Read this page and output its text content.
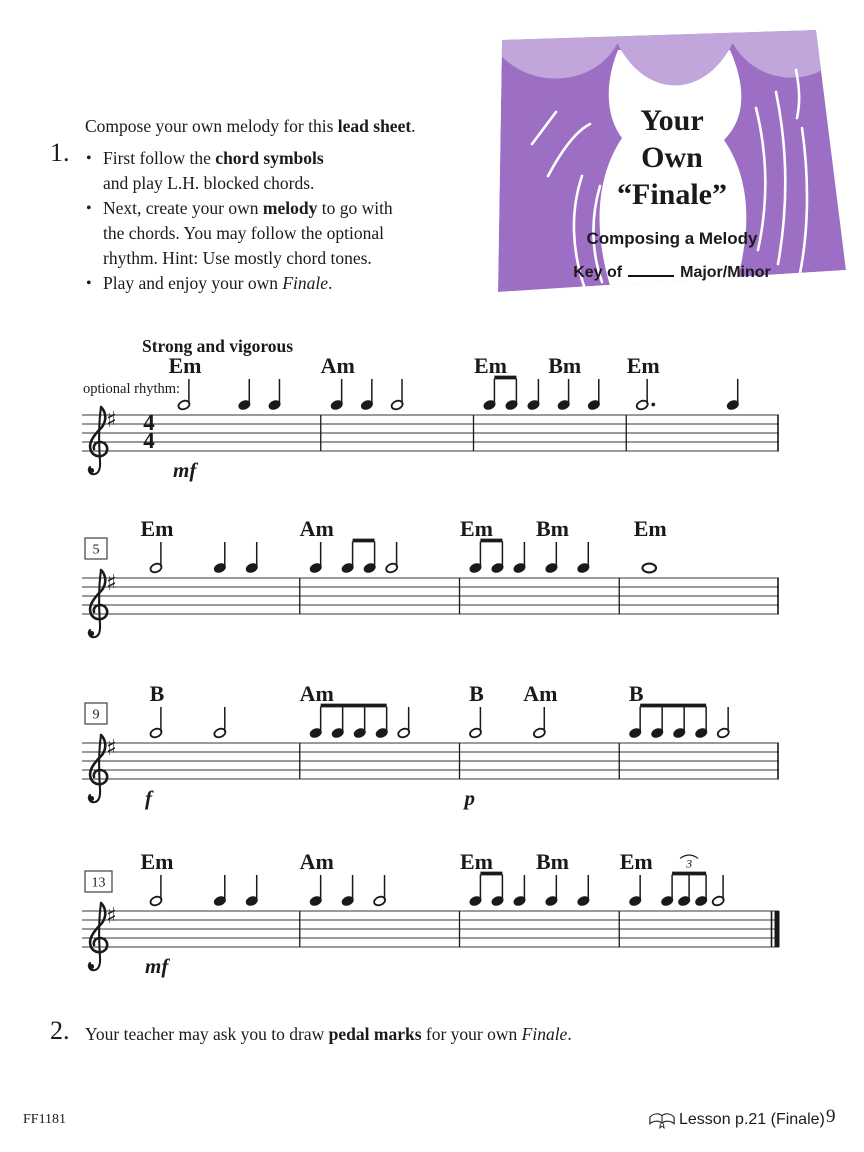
Compose your own melody for this lead sheet.
1. • First follow the chord symbols
and play L.H. blocked chords.
• Next, create your own melody to go with
the chords. You may follow the optional
rhythm. Hint: Use mostly chord tones.
• Play and enjoy your own Finale.
Your
Own
“Finale”
Composing a Melody
Key of	Major/Minor
♯ 4
4
Strong and vigorous
optional rhythm:
Em	Am	Em Bm Em
mf
♯
5
Em	Am	Em Bm	Em
♯
9
B	Am	B Am	B
f	p
♯
13
Em	Am	Em Bm	3
Em
mf
2. Your teacher may ask you to draw pedal marks for your own Finale.
FF1181	Lesson p.21 (Finale) 9
